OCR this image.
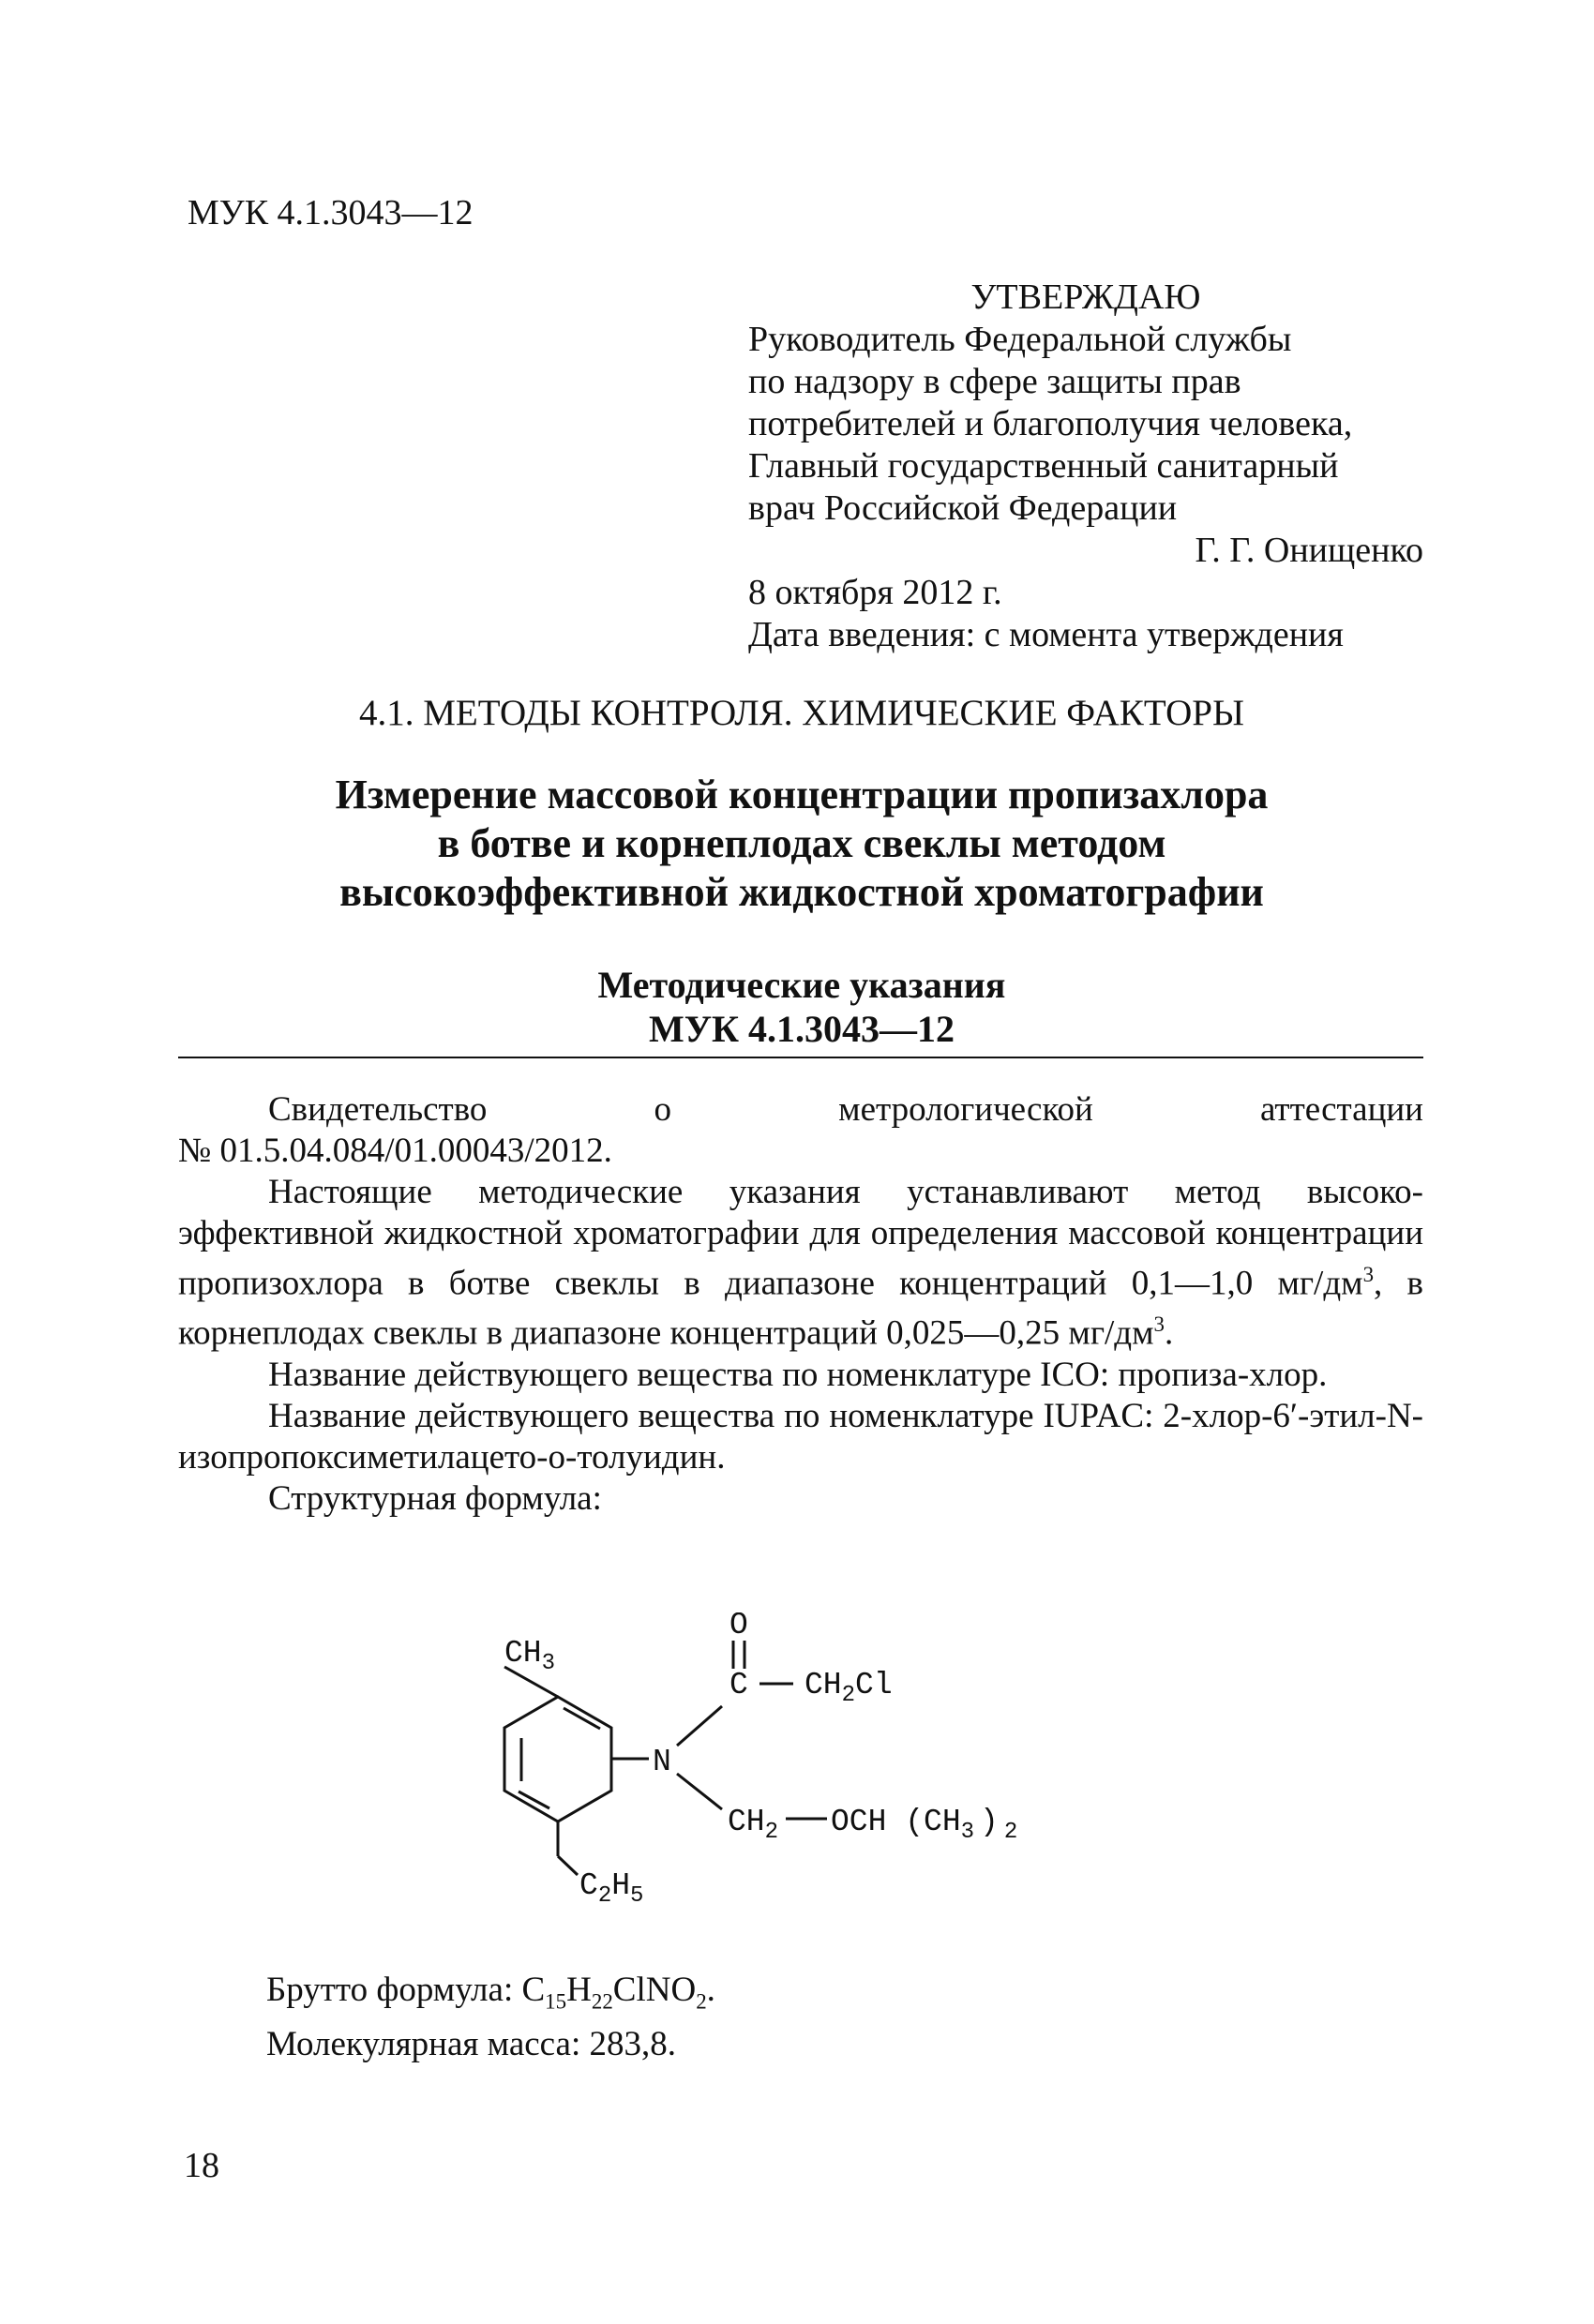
МУК 4.1.3043—12
УТВЕРЖДАЮ
Руководитель Федеральной службы
по надзору в сфере защиты прав
потребителей и благополучия человека,
Главный государственный санитарный
врач Российской Федерации
Г. Г. Онищенко
8 октября 2012 г.
Дата введения: с момента утверждения
4.1. МЕТОДЫ КОНТРОЛЯ. ХИМИЧЕСКИЕ ФАКТОРЫ
Измерение массовой концентрации пропизахлора
в ботве и корнеплодах свеклы методом
высокоэффективной жидкостной хроматографии
Методические указания
МУК 4.1.3043—12
Свидетельство	о	метрологической	аттестации

№ 01.5.04.084/01.00043/2012.

Настоящие методические указания устанавливают метод высоко-эффективной жидкостной хроматографии для определения массовой концентрации пропизохлора в ботве свеклы в диапазоне концентраций 0,1—1,0 $мг/дм^3$, в корнеплодах свеклы в диапазоне концентраций 0,025—0,25 $мг/дм^3$.

Название действующего вещества по номенклатуре ICO: пропиза-хлор.

Название действующего вещества по номенклатуре IUPAC: 2-хлор-6′-этил-N-изопропоксиметилацето-о-толуидин.

Структурная формула:

$CH_3$
O
C $CH_2Cl$
N
$CH_2$ OCH ($CH_3$ ) $_2$
$C_2H_5$
Брутто формула: $C_{15}H_{22}ClNO_2$.
Молекулярная масса: 283,8.
18
